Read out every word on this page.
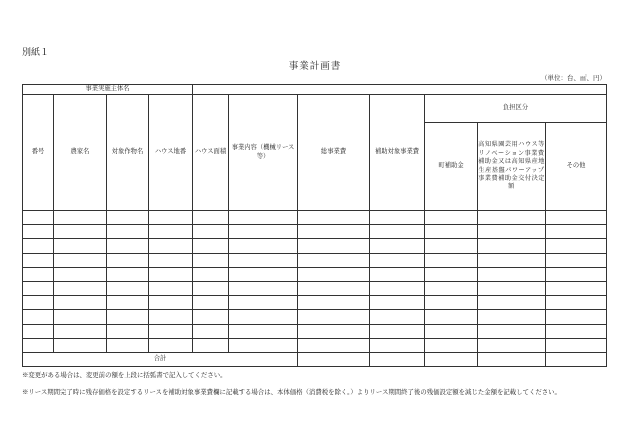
別紙１
事業計画書
（単位：台、㎡、円）
事業実施主体名										
番号	農家名	対象作物名	ハウス地番	ハウス面積	事業内容（機械リース等）	総事業費	補助対象事業費	負担区分		
								町補助金	高知県園芸用ハウス等リノベーション事業費補助金又は高知県産地生産基盤パワーアップ事業費補助金交付決定額	その他

合計										
※変更がある場合は、変更前の額を上段に括弧書で記入してください。
※リース期間完了時に残存価格を設定するリースを補助対象事業費欄に記載する場合は、本体価格（消費税を除く。）よりリース期間終了後の残価設定額を減じた金額を記載してください。
